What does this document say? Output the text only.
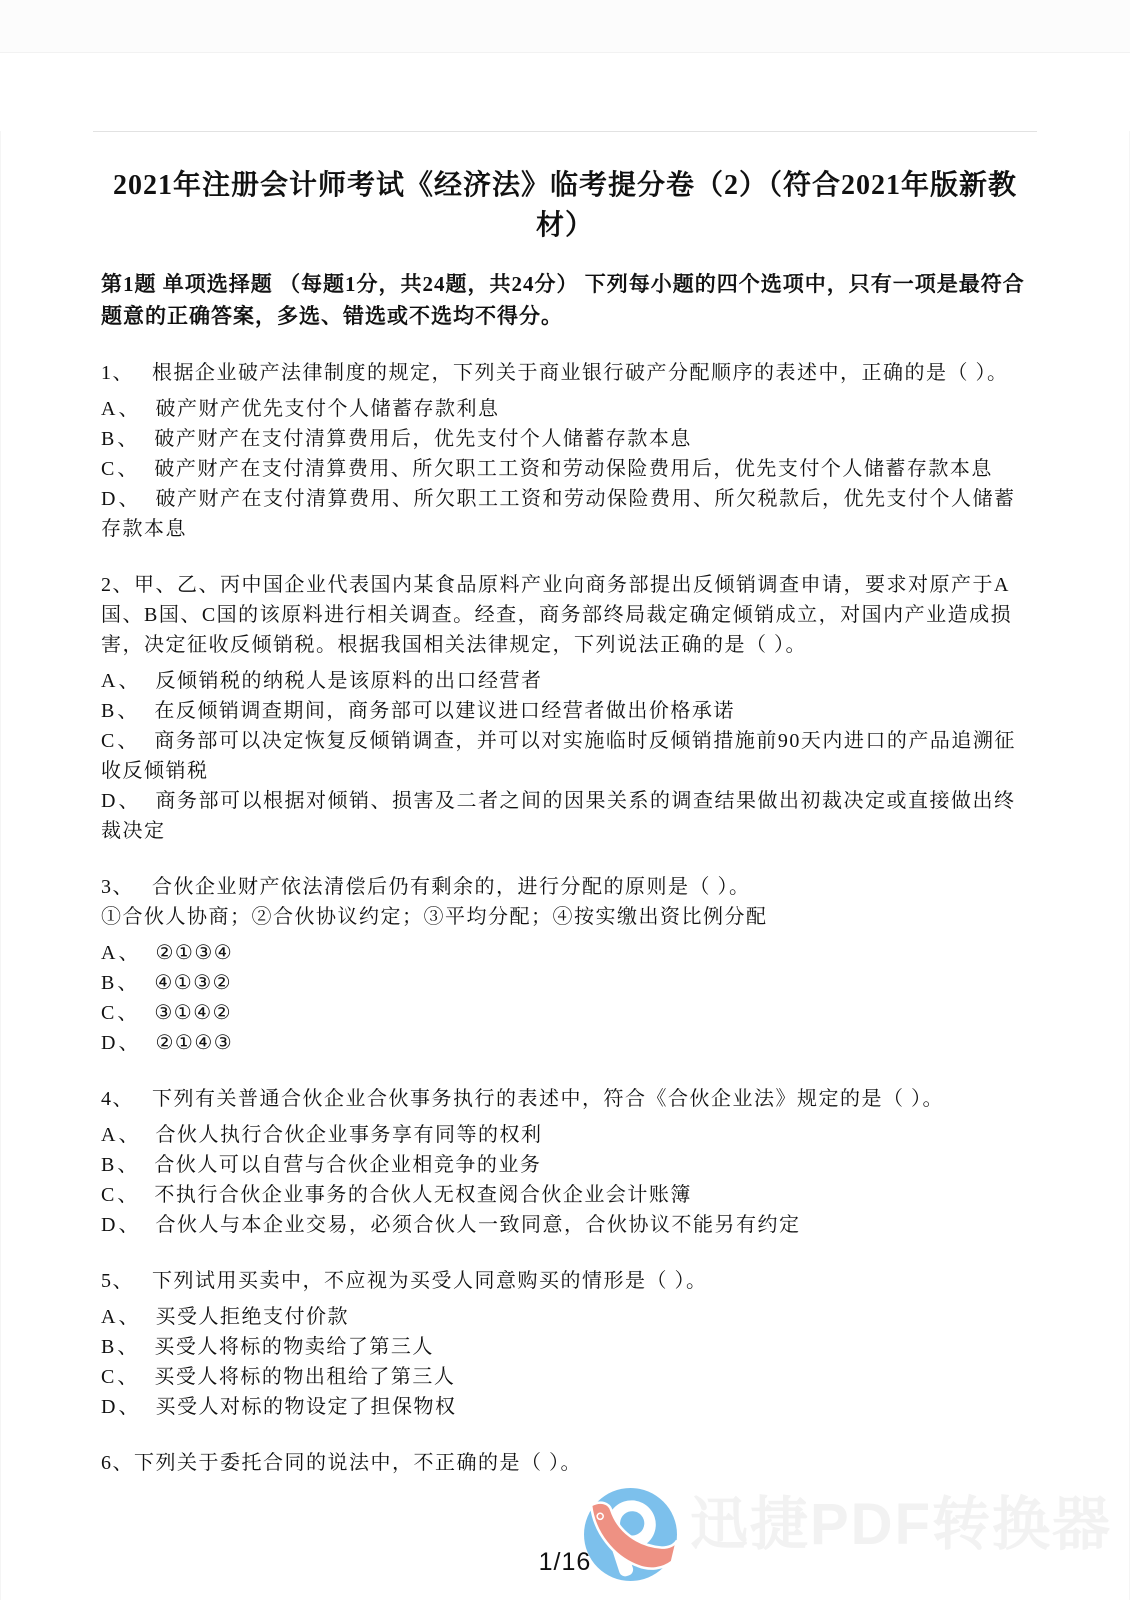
2021年注册会计师考试《经济法》临考提分卷（2）（符合2021年版新教材）

第1题 单项选择题 （每题1分，共24题，共24分） 下列每小题的四个选项中，只有一项是最符合题意的正确答案，多选、错选或不选均不得分。

1、 根据企业破产法律制度的规定，下列关于商业银行破产分配顺序的表述中，正确的是（ ）。

A、 破产财产优先支付个人储蓄存款利息

B、 破产财产在支付清算费用后，优先支付个人储蓄存款本息

C、 破产财产在支付清算费用、所欠职工工资和劳动保险费用后，优先支付个人储蓄存款本息

D、 破产财产在支付清算费用、所欠职工工资和劳动保险费用、所欠税款后，优先支付个人储蓄存款本息

2、甲、乙、丙中国企业代表国内某食品原料产业向商务部提出反倾销调查申请，要求对原产于A国、B国、C国的该原料进行相关调查。经查，商务部终局裁定确定倾销成立，对国内产业造成损害，决定征收反倾销税。根据我国相关法律规定，下列说法正确的是（ ）。

A、 反倾销税的纳税人是该原料的出口经营者

B、 在反倾销调查期间，商务部可以建议进口经营者做出价格承诺

C、 商务部可以决定恢复反倾销调查，并可以对实施临时反倾销措施前90天内进口的产品追溯征收反倾销税

D、 商务部可以根据对倾销、损害及二者之间的因果关系的调查结果做出初裁决定或直接做出终裁决定

3、 合伙企业财产依法清偿后仍有剩余的，进行分配的原则是（ ）。

①合伙人协商；②合伙协议约定；③平均分配；④按实缴出资比例分配

A、 ②①③④

B、 ④①③②

C、 ③①④②

D、 ②①④③

4、 下列有关普通合伙企业合伙事务执行的表述中，符合《合伙企业法》规定的是（ ）。

A、 合伙人执行合伙企业事务享有同等的权利

B、 合伙人可以自营与合伙企业相竞争的业务

C、 不执行合伙企业事务的合伙人无权查阅合伙企业会计账簿

D、 合伙人与本企业交易，必须合伙人一致同意，合伙协议不能另有约定

5、 下列试用买卖中，不应视为买受人同意购买的情形是（ ）。

A、 买受人拒绝支付价款

B、 买受人将标的物卖给了第三人

C、 买受人将标的物出租给了第三人

D、 买受人对标的物设定了担保物权

6、下列关于委托合同的说法中，不正确的是（ ）。

迅捷PDF转换器
1/16
